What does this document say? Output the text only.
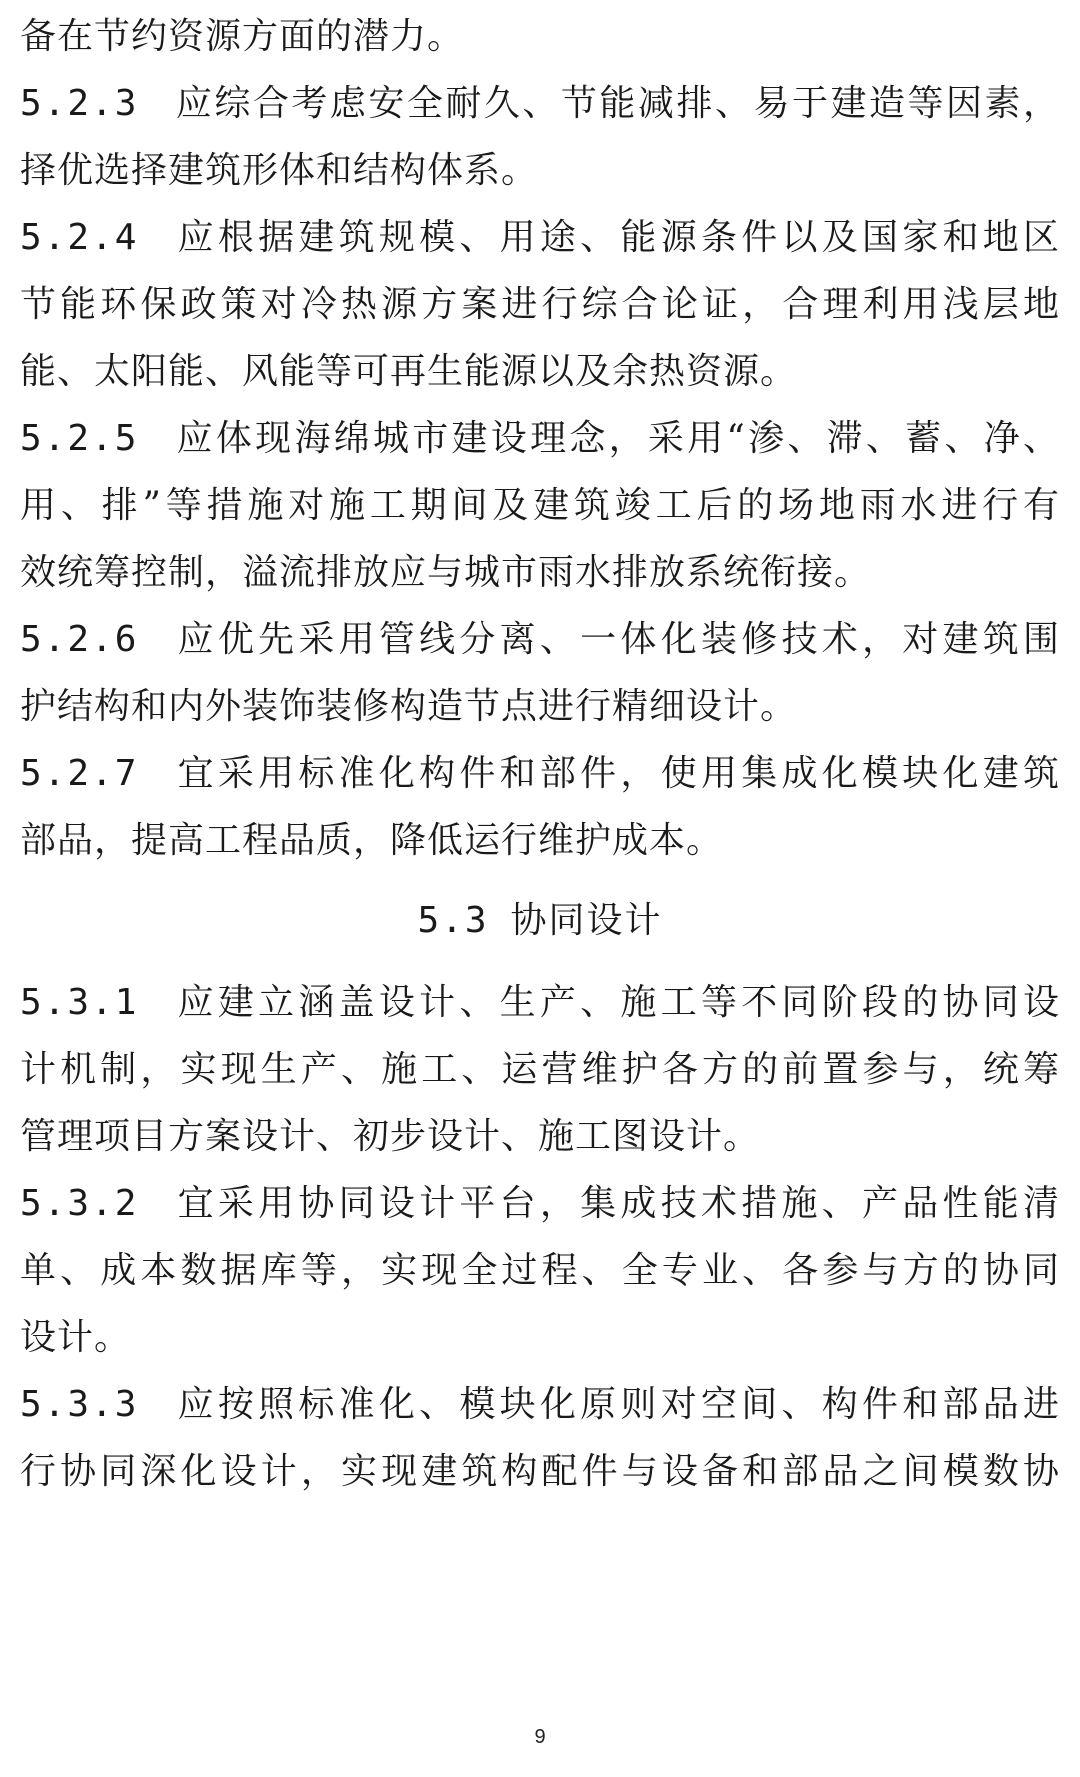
备在节约资源方面的潜力。
5.2.3 应综合考虑安全耐久、节能减排、易于建造等因素，
择优选择建筑形体和结构体系。
5.2.4 应根据建筑规模、用途、能源条件以及国家和地区
节能环保政策对冷热源方案进行综合论证，合理利用浅层地
能、太阳能、风能等可再生能源以及余热资源。
5.2.5 应体现海绵城市建设理念，采用“渗、滞、蓄、净、
用、排”等措施对施工期间及建筑竣工后的场地雨水进行有
效统筹控制，溢流排放应与城市雨水排放系统衔接。
5.2.6 应优先采用管线分离、一体化装修技术，对建筑围
护结构和内外装饰装修构造节点进行精细设计。
5.2.7 宜采用标准化构件和部件，使用集成化模块化建筑
部品，提高工程品质，降低运行维护成本。
5.3 协同设计
5.3.1 应建立涵盖设计、生产、施工等不同阶段的协同设
计机制，实现生产、施工、运营维护各方的前置参与，统筹
管理项目方案设计、初步设计、施工图设计。
5.3.2 宜采用协同设计平台，集成技术措施、产品性能清
单、成本数据库等，实现全过程、全专业、各参与方的协同
设计。
5.3.3 应按照标准化、模块化原则对空间、构件和部品进
行协同深化设计，实现建筑构配件与设备和部品之间模数协
9
